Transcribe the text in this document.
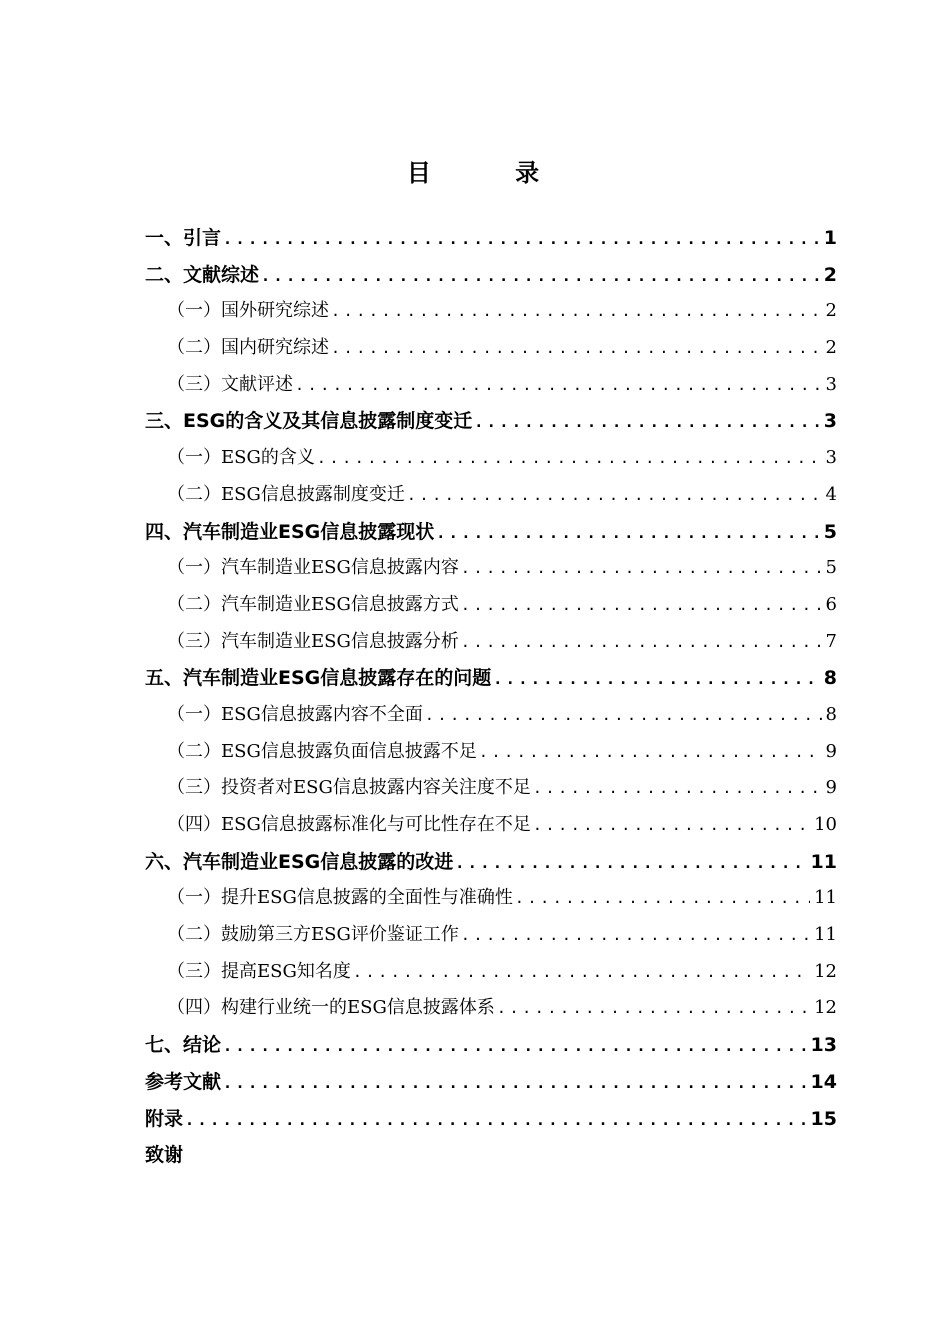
目 录
一、引言 .....	1
二、文献综述 .....	2
（一）国外研究综述 .....	2
（二）国内研究综述 .....	2
（三）文献评述 .....	3
三、ESG的含义及其信息披露制度变迁 .....	3
（一）ESG的含义 .....	3
（二）ESG信息披露制度变迁 .....	4
四、汽车制造业ESG信息披露现状 .....	5
（一）汽车制造业ESG信息披露内容 .....	5
（二）汽车制造业ESG信息披露方式 .....	6
（三）汽车制造业ESG信息披露分析 .....	7
五、汽车制造业ESG信息披露存在的问题 .....	8
（一）ESG信息披露内容不全面 .....	8
（二）ESG信息披露负面信息披露不足 .....	9
（三）投资者对ESG信息披露内容关注度不足 .....	9
（四）ESG信息披露标准化与可比性存在不足 .....	10
六、汽车制造业ESG信息披露的改进 .....	11
（一）提升ESG信息披露的全面性与准确性 .....	11
（二）鼓励第三方ESG评价鉴证工作 .....	11
（三）提高ESG知名度 .....	12
（四）构建行业统一的ESG信息披露体系 .....	12
七、结论 .....	13
参考文献 .....	14
附录 .....	15
致谢
